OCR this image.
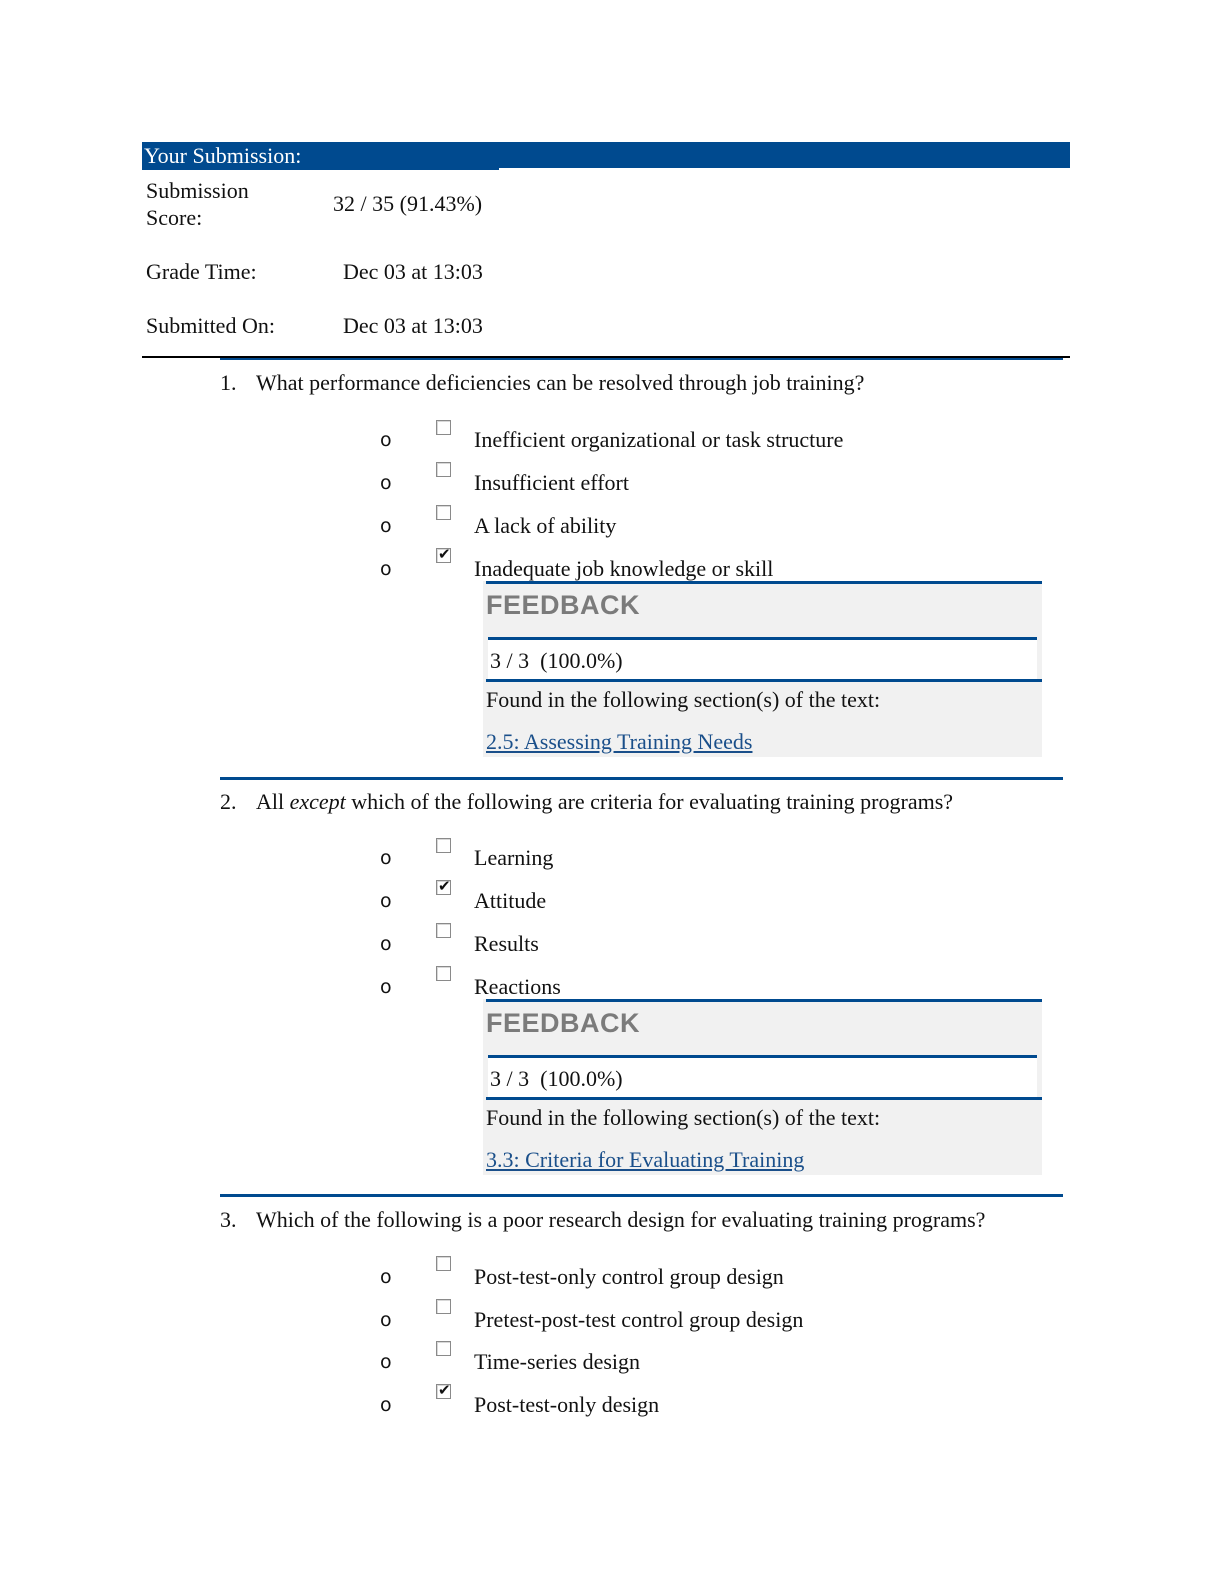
Your Submission:
Submission Score:
32 / 35 (91.43%)
Grade Time:	Dec 03 at 13:03
Submitted On:	Dec 03 at 13:03
1. What performance deficiencies can be resolved through job training?
o	Inefficient organizational or task structure
o	Insufficient effort
o	A lack of ability
o
✔
Inadequate job knowledge or skill
FEEDBACK
3 / 3  (100.0%)
Found in the following section(s) of the text:
2.5: Assessing Training Needs
2. All except which of the following are criteria for evaluating training programs?
o	Learning
o
✔
Attitude
o	Results
o	Reactions
FEEDBACK
3 / 3  (100.0%)
Found in the following section(s) of the text:
3.3: Criteria for Evaluating Training
3. Which of the following is a poor research design for evaluating training programs?
o	Post-test-only control group design
o	Pretest-post-test control group design
o	Time-series design
o
✔
Post-test-only design
